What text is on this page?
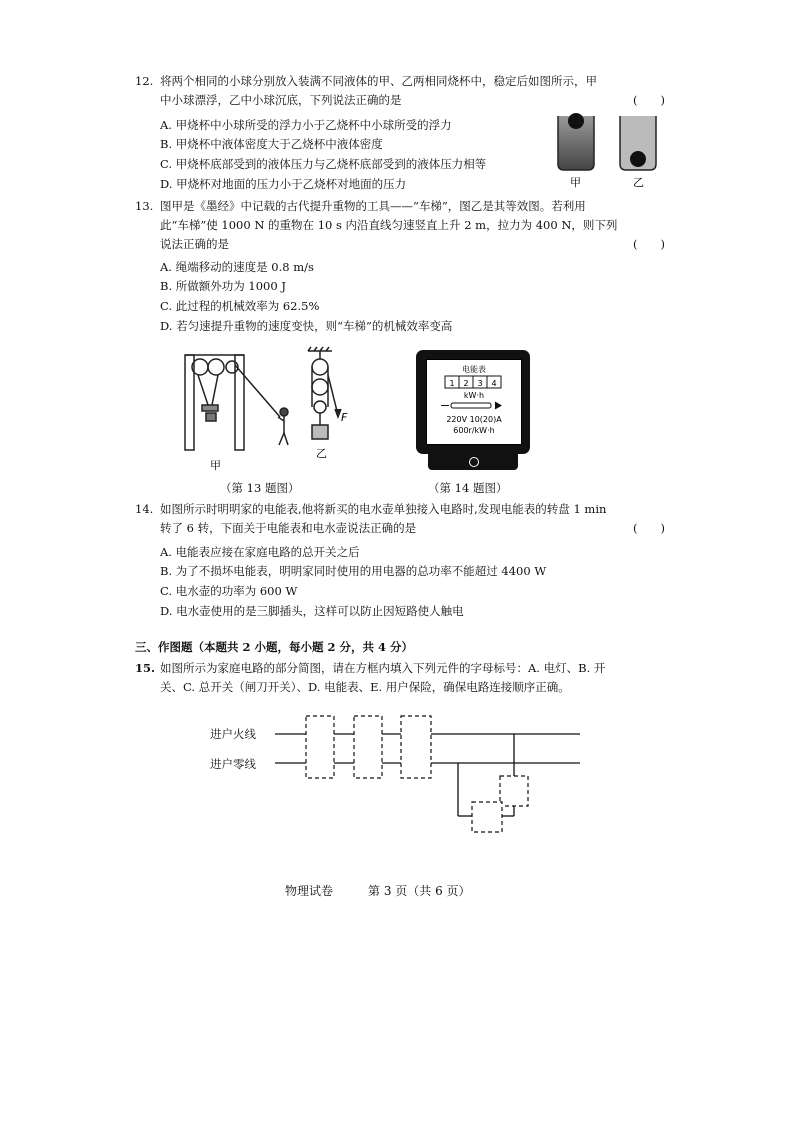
12. 将两个相同的小球分别放入装满不同液体的甲、乙两相同烧杯中，稳定后如图所示，甲
中小球漂浮，乙中小球沉底，下列说法正确的是	(　　)
A. 甲烧杯中小球所受的浮力小于乙烧杯中小球所受的浮力
B. 甲烧杯中液体密度大于乙烧杯中液体密度
C. 甲烧杯底部受到的液体压力与乙烧杯底部受到的液体压力相等
D. 甲烧杯对地面的压力小于乙烧杯对地面的压力	甲	乙
13. 图甲是《墨经》中记载的古代提升重物的工具——“车梯”，图乙是其等效图。若利用
此“车梯”使 1000 N 的重物在 10 s 内沿直线匀速竖直上升 2 m，拉力为 400 N，则下列
说法正确的是	(　　)
A. 绳端移动的速度是 0.8 m/s
B. 所做额外功为 1000 J
C. 此过程的机械效率为 62.5%
D. 若匀速提升重物的速度变快，则“车梯”的机械效率变高
甲
F
乙
（第 13 题图）
电能表
1 2 3 4
kW·h
220V 10(20)A
600r/kW·h
（第 14 题图）
14. 如图所示时明明家的电能表,他将新买的电水壶单独接入电路时,发现电能表的转盘 1 min
转了 6 转，下面关于电能表和电水壶说法正确的是	(　　)
A. 电能表应接在家庭电路的总开关之后
B. 为了不损坏电能表，明明家同时使用的用电器的总功率不能超过 4400 W
C. 电水壶的功率为 600 W
D. 电水壶使用的是三脚插头，这样可以防止因短路使人触电
三、作图题（本题共 2 小题，每小题 2 分，共 4 分）
15. 如图所示为家庭电路的部分简图，请在方框内填入下列元件的字母标号：A. 电灯、B. 开
关、C. 总开关（闸刀开关）、D. 电能表、E. 用户保险，确保电路连接顺序正确。
进户火线
进户零线
物理试卷	第 3 页（共 6 页）
